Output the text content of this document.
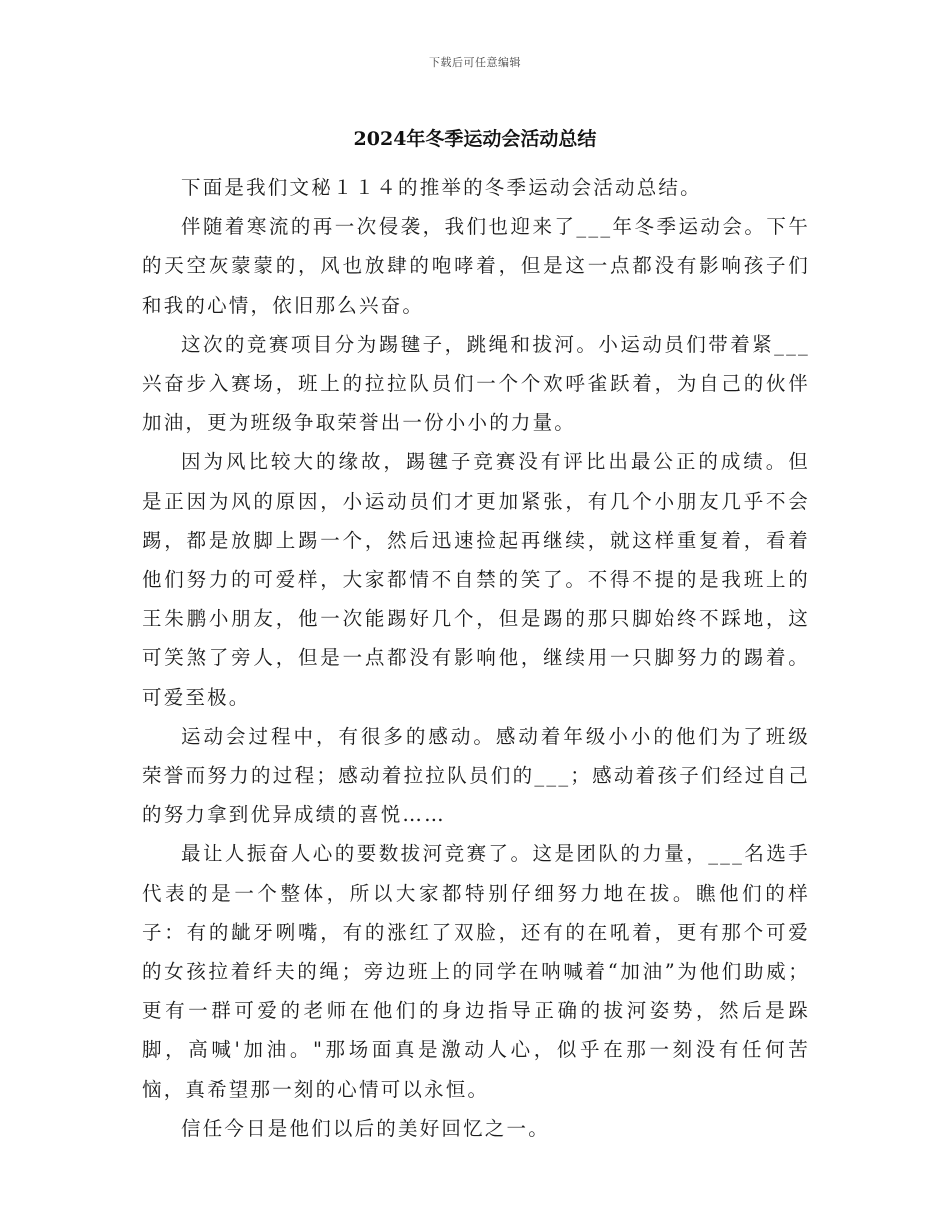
下载后可任意编辑
2024年冬季运动会活动总结

下面是我们文秘１１４的推举的冬季运动会活动总结。

伴随着寒流的再一次侵袭，我们也迎来了___年冬季运动会。下午的天空灰蒙蒙的，风也放肆的咆哮着，但是这一点都没有影响孩子们和我的心情，依旧那么兴奋。

这次的竞赛项目分为踢毽子，跳绳和拔河。小运动员们带着紧___兴奋步入赛场，班上的拉拉队员们一个个欢呼雀跃着，为自己的伙伴加油，更为班级争取荣誉出一份小小的力量。

因为风比较大的缘故，踢毽子竞赛没有评比出最公正的成绩。但是正因为风的原因，小运动员们才更加紧张，有几个小朋友几乎不会踢，都是放脚上踢一个，然后迅速捡起再继续，就这样重复着，看着他们努力的可爱样，大家都情不自禁的笑了。不得不提的是我班上的王朱鹏小朋友，他一次能踢好几个，但是踢的那只脚始终不踩地，这可笑煞了旁人，但是一点都没有影响他，继续用一只脚努力的踢着。可爱至极。

运动会过程中，有很多的感动。感动着年级小小的他们为了班级荣誉而努力的过程；感动着拉拉队员们的___；感动着孩子们经过自己的努力拿到优异成绩的喜悦……

最让人振奋人心的要数拔河竞赛了。这是团队的力量，___名选手代表的是一个整体，所以大家都特别仔细努力地在拔。瞧他们的样子：有的龇牙咧嘴，有的涨红了双脸，还有的在吼着，更有那个可爱的女孩拉着纤夫的绳；旁边班上的同学在呐喊着“加油”为他们助威；更有一群可爱的老师在他们的身边指导正确的拔河姿势，然后是跺脚，高喊'加油。"那场面真是激动人心，似乎在那一刻没有任何苦恼，真希望那一刻的心情可以永恒。

信任今日是他们以后的美好回忆之一。
